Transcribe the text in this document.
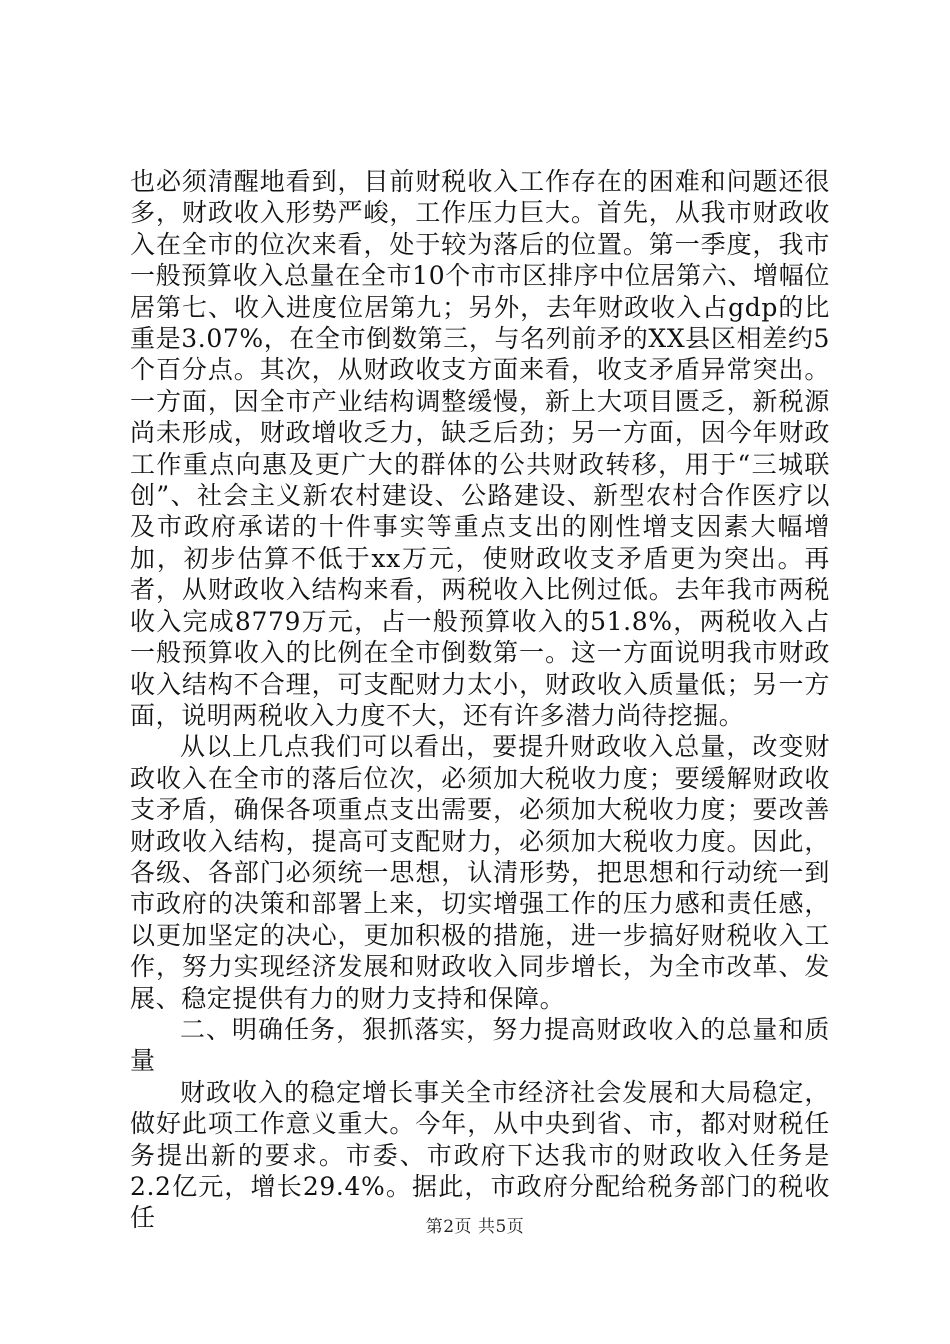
也必须清醒地看到，目前财税收入工作存在的困难和问题还很多，财政收入形势严峻，工作压力巨大。首先，从我市财政收入在全市的位次来看，处于较为落后的位置。第一季度，我市一般预算收入总量在全市10个市市区排序中位居第六、增幅位居第七、收入进度位居第九；另外，去年财政收入占gdp的比重是3.07%，在全市倒数第三，与名列前矛的XX县区相差约5个百分点。其次，从财政收支方面来看，收支矛盾异常突出。一方面，因全市产业结构调整缓慢，新上大项目匮乏，新税源尚未形成，财政增收乏力，缺乏后劲；另一方面，因今年财政工作重点向惠及更广大的群体的公共财政转移，用于“三城联创”、社会主义新农村建设、公路建设、新型农村合作医疗以及市政府承诺的十件事实等重点支出的刚性增支因素大幅增加，初步估算不低于xx万元，使财政收支矛盾更为突出。再者，从财政收入结构来看，两税收入比例过低。去年我市两税收入完成8779万元，占一般预算收入的51.8%，两税收入占一般预算收入的比例在全市倒数第一。这一方面说明我市财政收入结构不合理，可支配财力太小，财政收入质量低；另一方面，说明两税收入力度不大，还有许多潜力尚待挖掘。

从以上几点我们可以看出，要提升财政收入总量，改变财政收入在全市的落后位次，必须加大税收力度；要缓解财政收支矛盾，确保各项重点支出需要，必须加大税收力度；要改善财政收入结构，提高可支配财力，必须加大税收力度。因此，各级、各部门必须统一思想，认清形势，把思想和行动统一到市政府的决策和部署上来，切实增强工作的压力感和责任感，以更加坚定的决心，更加积极的措施，进一步搞好财税收入工作，努力实现经济发展和财政收入同步增长，为全市改革、发展、稳定提供有力的财力支持和保障。

二、明确任务，狠抓落实，努力提高财政收入的总量和质量

财政收入的稳定增长事关全市经济社会发展和大局稳定，做好此项工作意义重大。今年，从中央到省、市，都对财税任务提出新的要求。市委、市政府下达我市的财政收入任务是2.2亿元，增长29.4%。据此，市政府分配给税务部门的税收任	第2页 共5页
